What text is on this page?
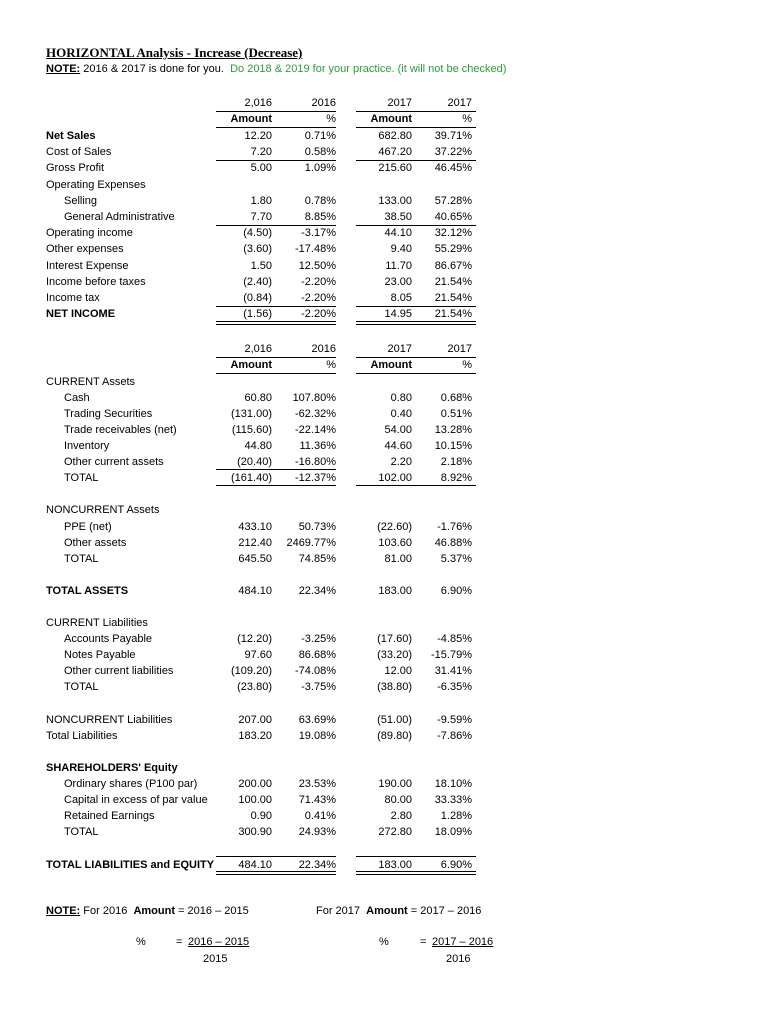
HORIZONTAL Analysis - Increase (Decrease)
NOTE: 2016 & 2017 is done for you. Do 2018 & 2019 for your practice. (it will not be checked)
2,016	2016	2017	2017
Amount	%	Amount	%
Net Sales	12.20	0.71%	682.80	39.71%
Cost of Sales	7.20	0.58%	467.20	37.22%
Gross Profit	5.00	1.09%	215.60	46.45%
Operating Expenses
Selling	1.80	0.78%	133.00	57.28%
General Administrative	7.70	8.85%	38.50	40.65%
Operating income	(4.50)	-3.17%	44.10	32.12%
Other expenses	(3.60)	-17.48%	9.40	55.29%
Interest Expense	1.50	12.50%	11.70	86.67%
Income before taxes	(2.40)	-2.20%	23.00	21.54%
Income tax	(0.84)	-2.20%	8.05	21.54%
NET INCOME	(1.56)	-2.20%	14.95	21.54%
2,016	2016	2017	2017
Amount	%	Amount	%
CURRENT Assets
Cash	60.80	107.80%	0.80	0.68%
Trading Securities	(131.00)	-62.32%	0.40	0.51%
Trade receivables (net)	(115.60)	-22.14%	54.00	13.28%
Inventory	44.80	11.36%	44.60	10.15%
Other current assets	(20.40)	-16.80%	2.20	2.18%
TOTAL	(161.40)	-12.37%	102.00	8.92%
NONCURRENT Assets
PPE (net)	433.10	50.73%	(22.60)	-1.76%
Other assets	212.40	2469.77%	103.60	46.88%
TOTAL	645.50	74.85%	81.00	5.37%
TOTAL ASSETS	484.10	22.34%	183.00	6.90%
CURRENT Liabilities
Accounts Payable	(12.20)	-3.25%	(17.60)	-4.85%
Notes Payable	97.60	86.68%	(33.20)	-15.79%
Other current liabilities	(109.20)	-74.08%	12.00	31.41%
TOTAL	(23.80)	-3.75%	(38.80)	-6.35%
NONCURRENT Liabilities	207.00	63.69%	(51.00)	-9.59%
Total Liabilities	183.20	19.08%	(89.80)	-7.86%
SHAREHOLDERS' Equity
Ordinary shares (P100 par)	200.00	23.53%	190.00	18.10%
Capital in excess of par value	100.00	71.43%	80.00	33.33%
Retained Earnings	0.90	0.41%	2.80	1.28%
TOTAL	300.90	24.93%	272.80	18.09%
TOTAL LIABILITIES and EQUITY	484.10	22.34%	183.00	6.90%
NOTE: For 2016 Amount = 2016 – 2015	For 2017 Amount = 2017 – 2016
%	= 2016 – 2015
2015
%	= 2017 – 2016
2016
